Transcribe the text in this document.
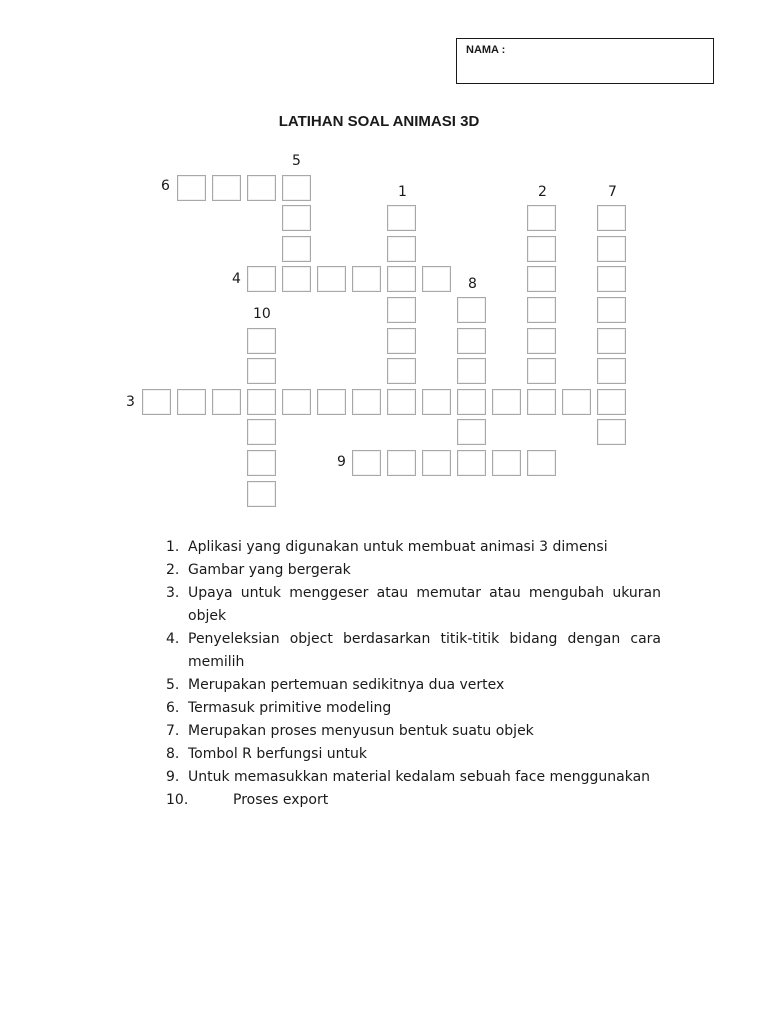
NAMA :
LATIHAN SOAL ANIMASI 3D
5
6	1	2	7
4	8
10
3
9
1. Aplikasi yang digunakan untuk membuat animasi 3 dimensi
2. Gambar yang bergerak
3. Upaya untuk menggeser atau memutar atau mengubah ukuran objek
4. Penyeleksian object berdasarkan titik-titik bidang dengan cara memilih
5. Merupakan pertemuan sedikitnya dua vertex
6. Termasuk primitive modeling
7. Merupakan proses menyusun bentuk suatu objek
8. Tombol R berfungsi untuk
9. Untuk memasukkan material kedalam sebuah face menggunakan
10.	Proses export
